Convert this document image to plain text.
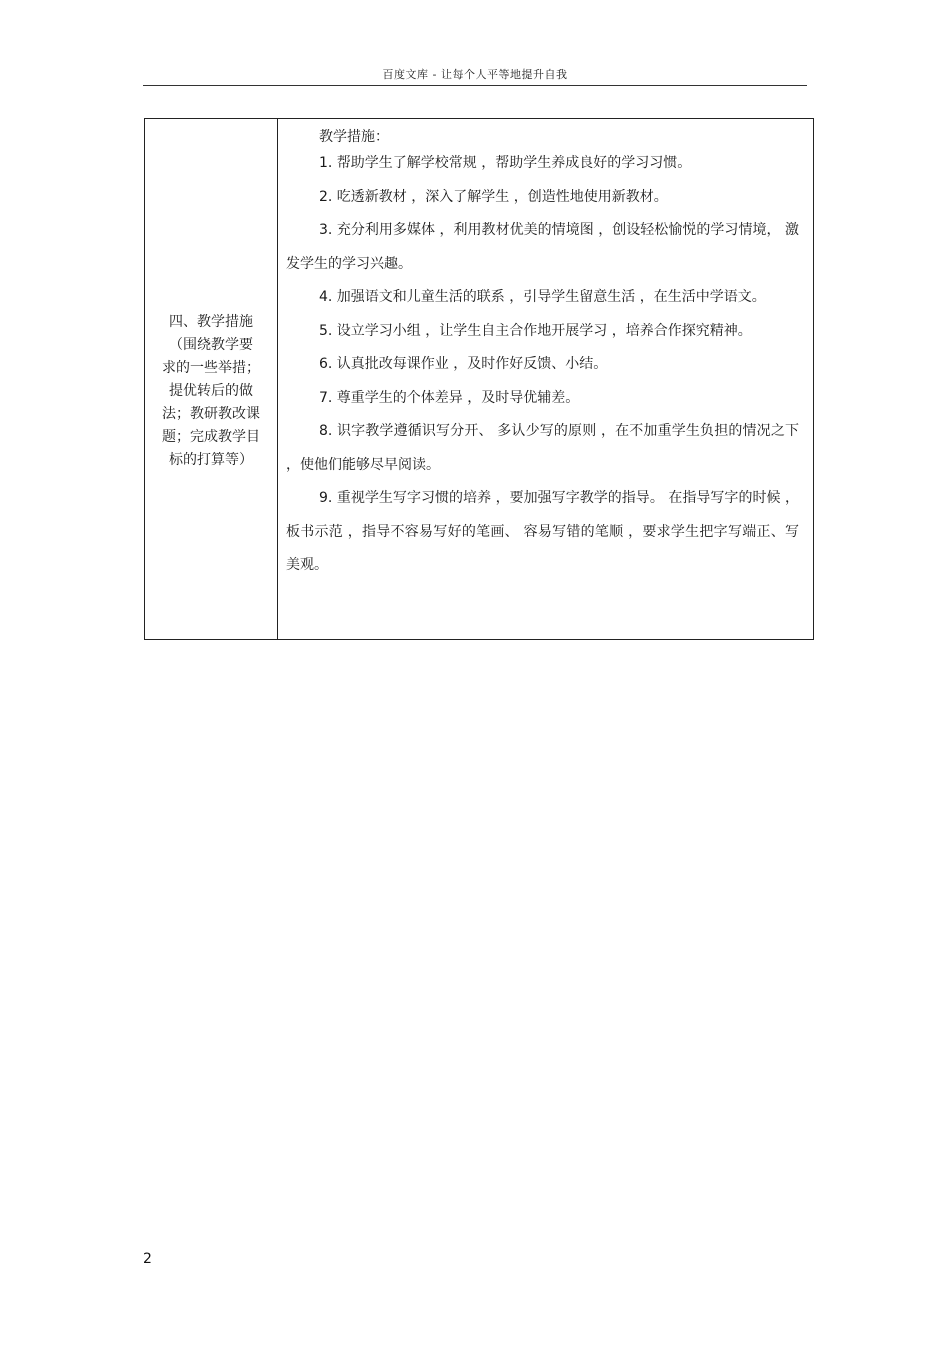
百度文库 - 让每个人平等地提升自我
四、教学措施
（围绕教学要
求的一些举措；
提优转后的做
法；教研教改课
题；完成教学目
标的打算等）
教学措施：

1. 帮助学生了解学校常规 ，帮助学生养成良好的学习习惯。

2. 吃透新教材 ，深入了解学生 ，创造性地使用新教材。

3. 充分利用多媒体 ，利用教材优美的情境图 ，创设轻松愉悦的学习情境， 激发学生的学习兴趣。

4. 加强语文和儿童生活的联系 ，引导学生留意生活 ，在生活中学语文。

5. 设立学习小组 ，让学生自主合作地开展学习 ，培养合作探究精神。

6. 认真批改每课作业 ，及时作好反馈、小结。

7. 尊重学生的个体差异 ，及时导优辅差。

8. 识字教学遵循识写分开、 多认少写的原则 ，在不加重学生负担的情况之下 ，使他们能够尽早阅读。

9. 重视学生写字习惯的培养 ，要加强写字教学的指导。 在指导写字的时候 ，板书示范 ，指导不容易写好的笔画、 容易写错的笔顺 ，要求学生把字写端正、写美观。

2
